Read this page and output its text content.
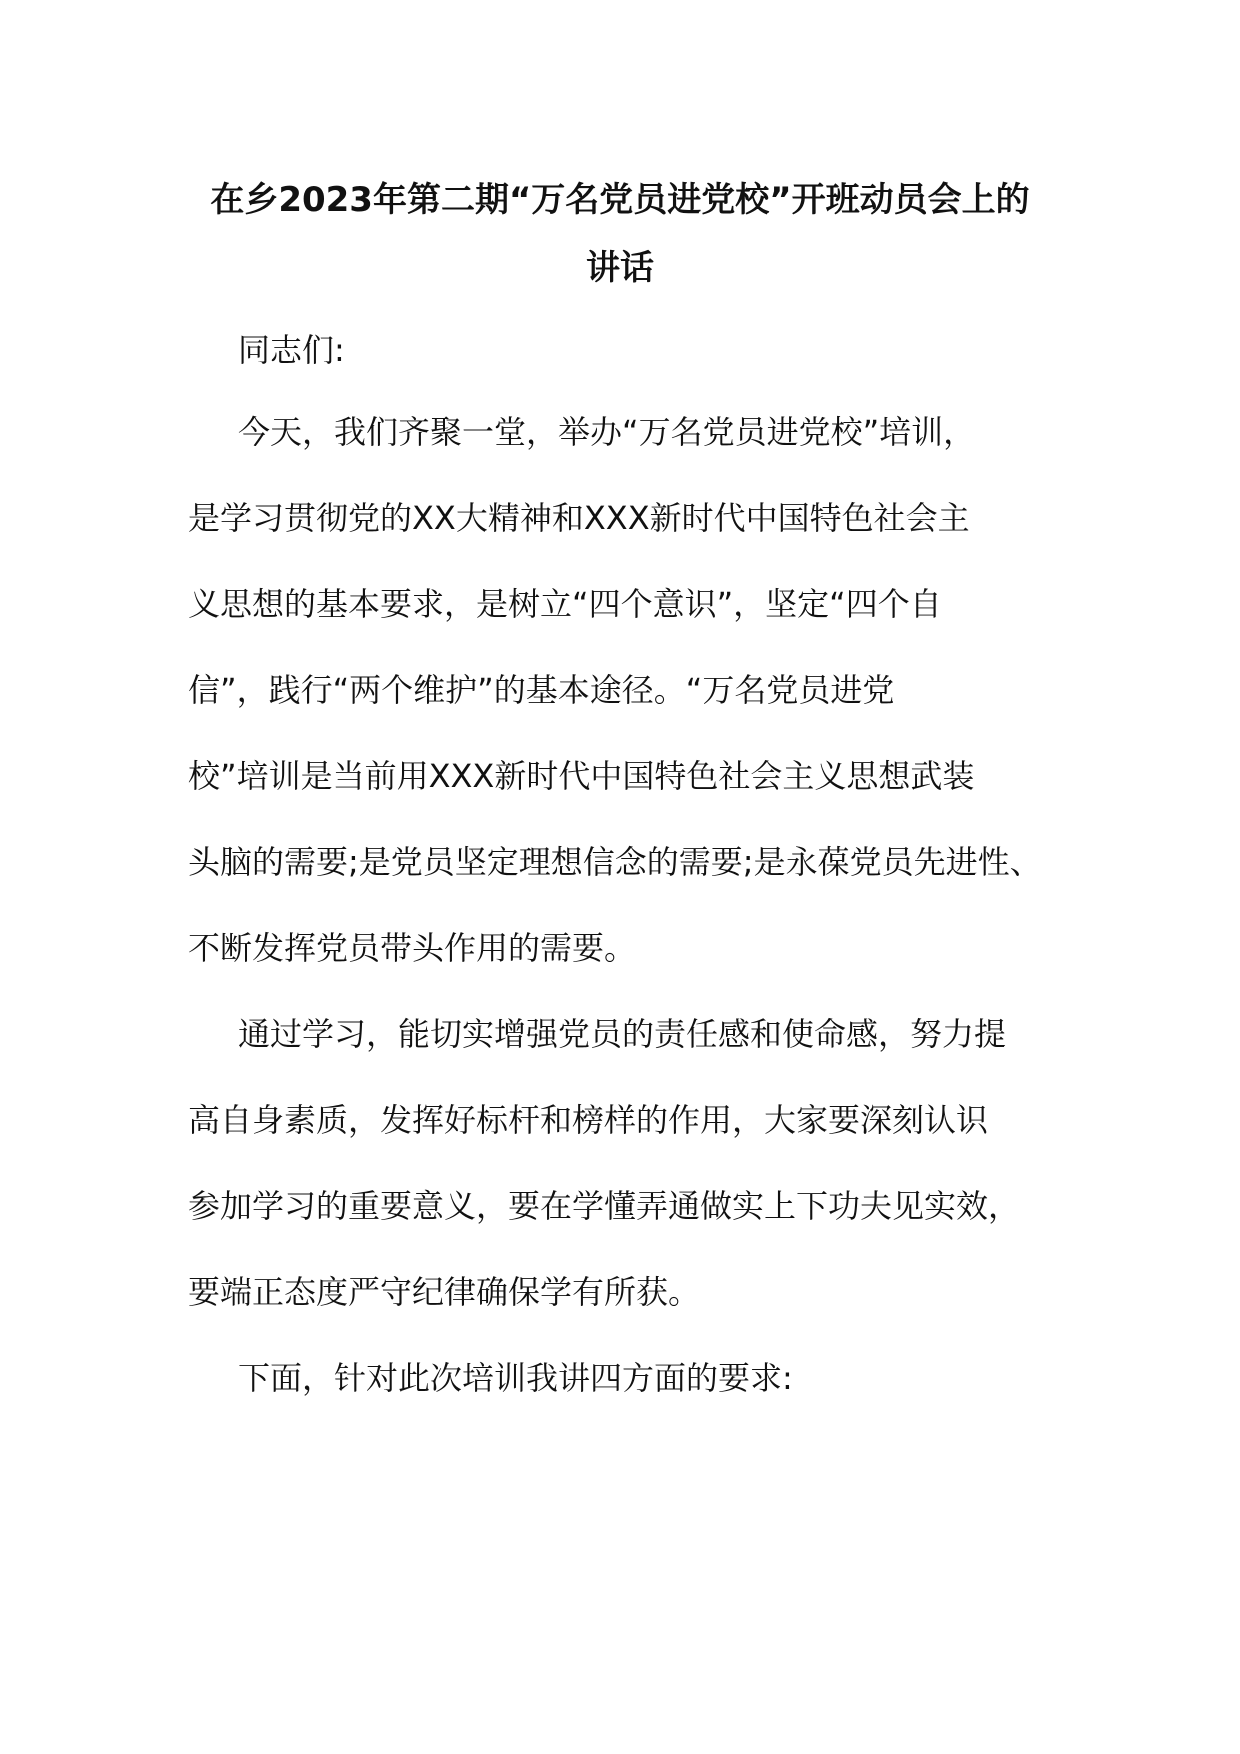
在乡2023年第二期“万名党员进党校”开班动员会上的
讲话
同志们:
今天，我们齐聚一堂，举办“万名党员进党校”培训，
是学习贯彻党的XX大精神和XXX新时代中国特色社会主
义思想的基本要求，是树立“四个意识”，坚定“四个自
信”，践行“两个维护”的基本途径。“万名党员进党
校”培训是当前用XXX新时代中国特色社会主义思想武装
头脑的需要;是党员坚定理想信念的需要;是永葆党员先进性、
不断发挥党员带头作用的需要。
通过学习，能切实增强党员的责任感和使命感，努力提
高自身素质，发挥好标杆和榜样的作用，大家要深刻认识
参加学习的重要意义，要在学懂弄通做实上下功夫见实效，
要端正态度严守纪律确保学有所获。
下面，针对此次培训我讲四方面的要求:
